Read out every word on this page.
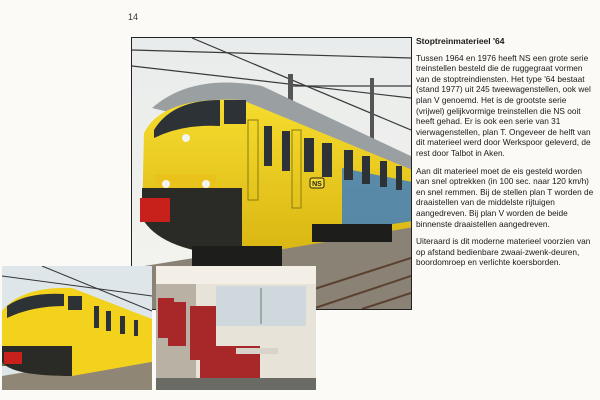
14
NS
Stoptreinmaterieel '64

Tussen 1964 en 1976 heeft NS een grote serie treinstellen besteld die de ruggegraat vormen van de stoptreindiensten. Het type '64 bestaat (stand 1977) uit 245 tweewagenstellen, ook wel plan V genoemd. Het is de grootste serie (vrijwel) gelijkvormige treinstellen die NS ooit heeft gehad. Er is ook een serie van 31 vierwagenstellen, plan T. Ongeveer de helft van dit materieel werd door Werkspoor geleverd, de rest door Talbot in Aken.

Aan dit materieel moet de eis gesteld worden van snel optrekken (in 100 sec. naar 120 km/h) en snel remmen. Bij de stellen plan T worden de draaistellen van de middelste rijtuigen aangedreven. Bij plan V worden de beide binnenste draaistellen aangedreven.

Uiteraard is dit moderne materieel voorzien van op afstand bedienbare zwaai-zwenk-deuren, boordomroep en verlichte koersborden.
